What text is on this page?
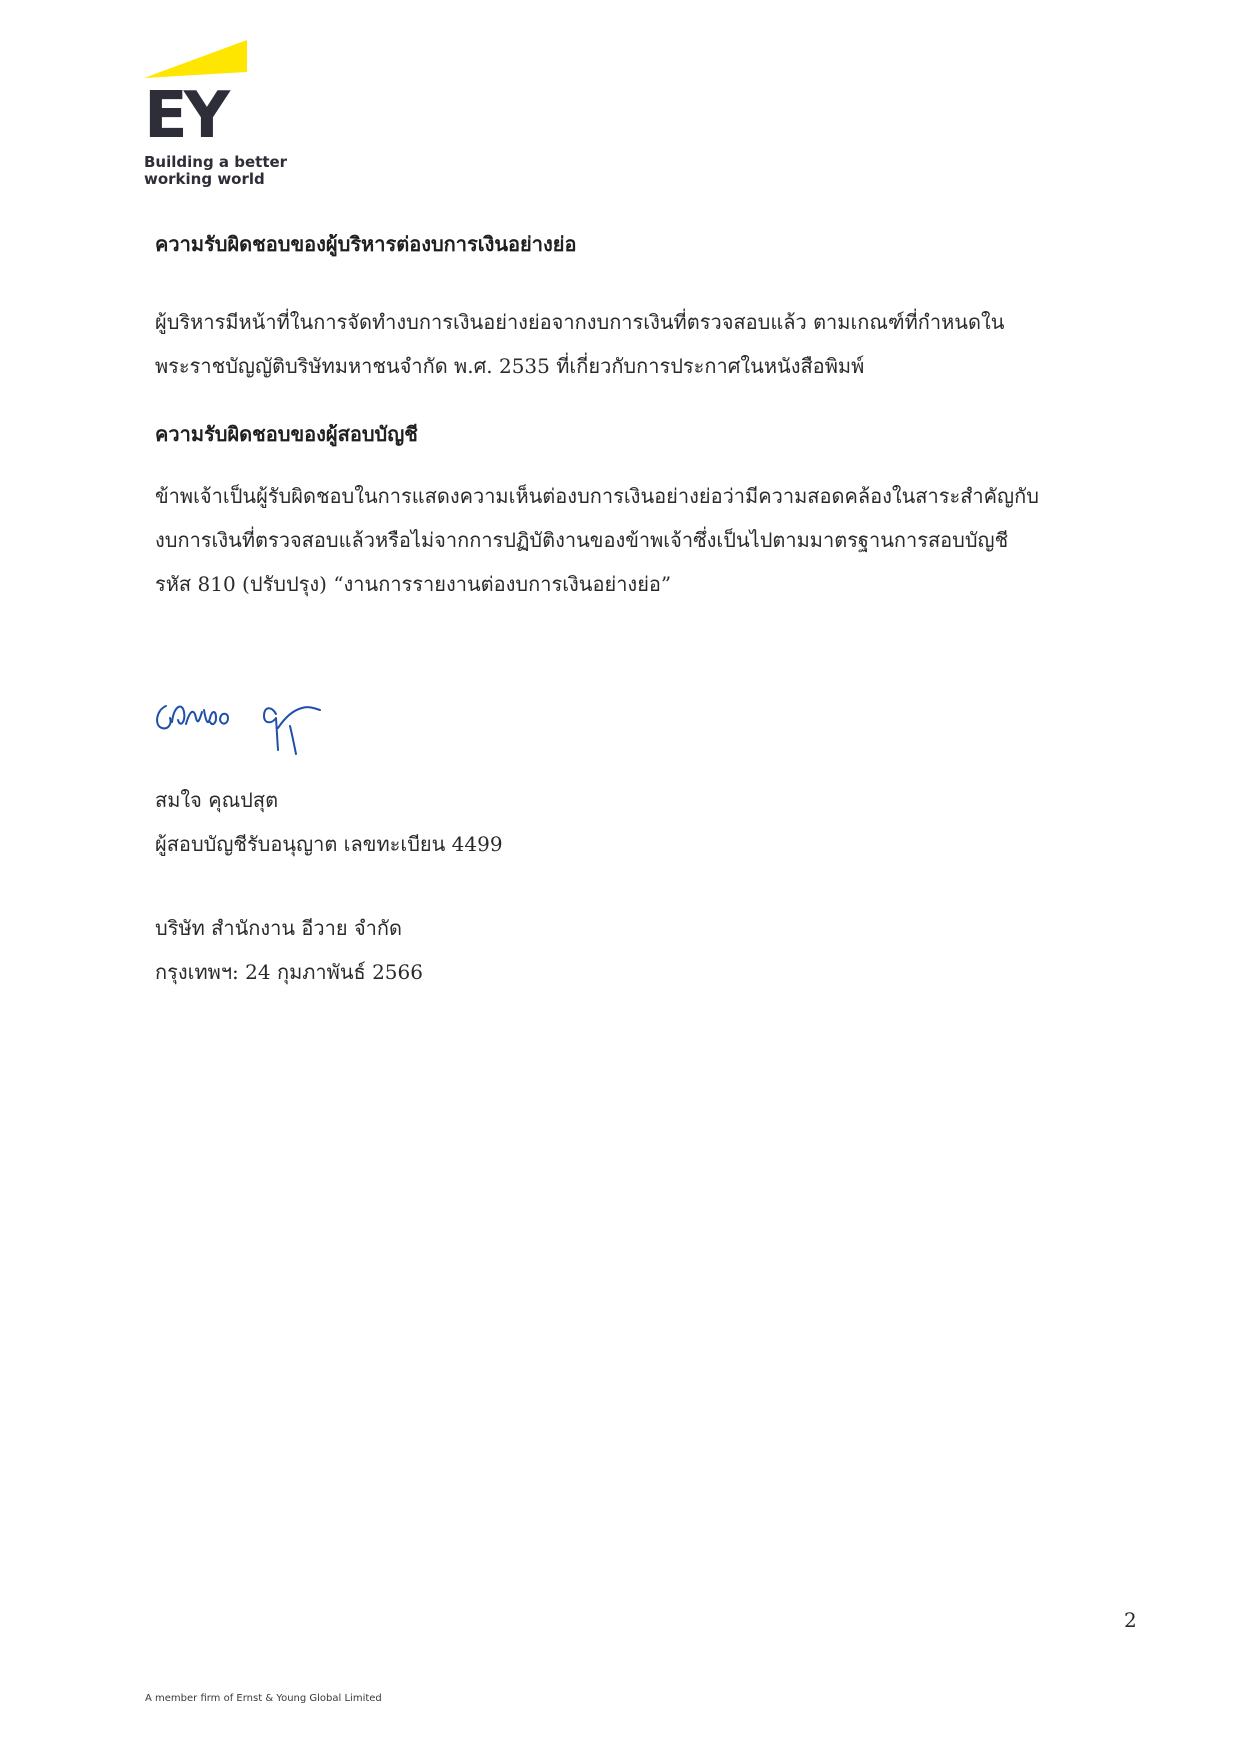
EY
Building a better
working world
ความรับผิดชอบของผู้บริหารต่องบการเงินอย่างย่อ

ผู้บริหารมีหน้าที่ในการจัดทำงบการเงินอย่างย่อจากงบการเงินที่ตรวจสอบแล้ว ตามเกณฑ์ที่กำหนดใน
พระราชบัญญัติบริษัทมหาชนจำกัด พ.ศ. 2535 ที่เกี่ยวกับการประกาศในหนังสือพิมพ์

ความรับผิดชอบของผู้สอบบัญชี

ข้าพเจ้าเป็นผู้รับผิดชอบในการแสดงความเห็นต่องบการเงินอย่างย่อว่ามีความสอดคล้องในสาระสำคัญกับ
งบการเงินที่ตรวจสอบแล้วหรือไม่จากการปฏิบัติงานของข้าพเจ้าซึ่งเป็นไปตามมาตรฐานการสอบบัญชี
รหัส 810 (ปรับปรุง) “งานการรายงานต่องบการเงินอย่างย่อ”

สมใจ คุณปสุต
ผู้สอบบัญชีรับอนุญาต เลขทะเบียน 4499
บริษัท สำนักงาน อีวาย จำกัด
กรุงเทพฯ: 24 กุมภาพันธ์ 2566
2
A member firm of Ernst & Young Global Limited
